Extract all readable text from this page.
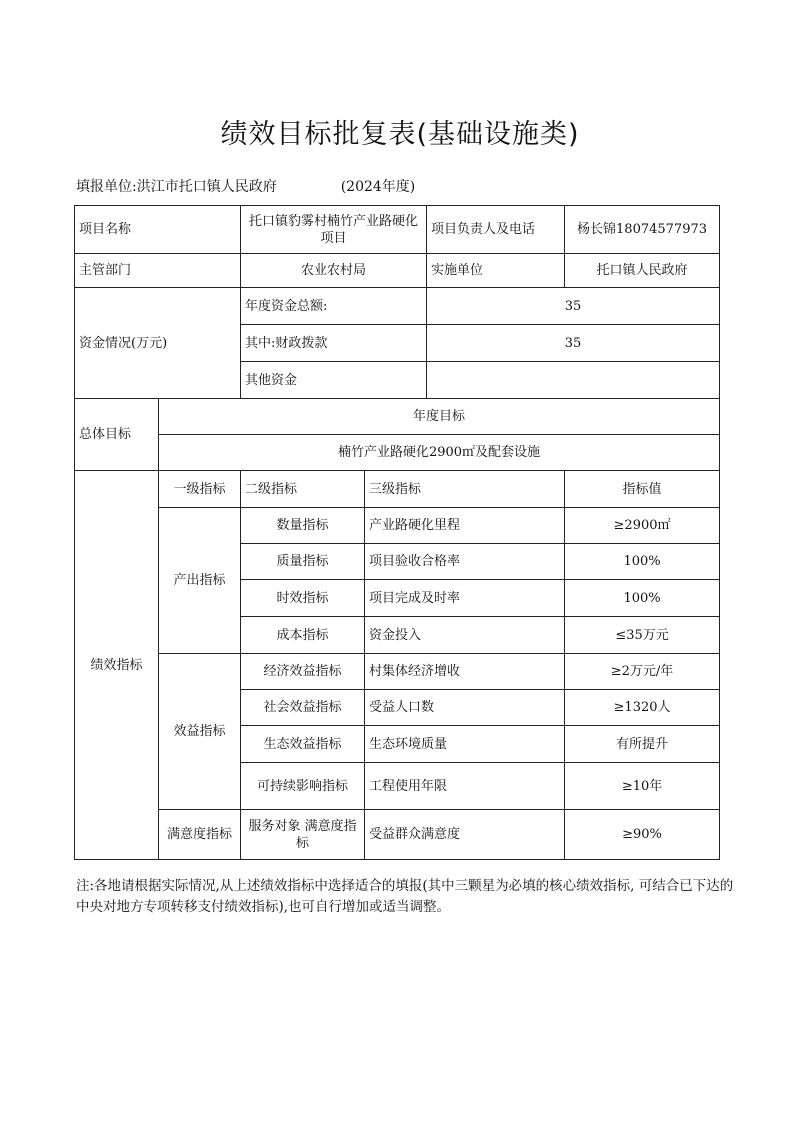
绩效目标批复表(基础设施类)
填报单位:洪江市托口镇人民政府	(2024年度)
项目名称		托口镇豹雾村楠竹产业路硬化项目		项目负责人及电话	杨长锦18074577973
主管部门		农业农村局		实施单位	托口镇人民政府
资金情况(万元)		年度资金总额:		35	
		其中:财政拨款		35	
		其他资金			
总体目标	年度目标				
	楠竹产业路硬化2900㎡及配套设施				
绩效指标	一级指标	二级指标	三级指标		指标值
	产出指标	数量指标	产业路硬化里程		≥2900㎡
		质量指标	项目验收合格率		100%
		时效指标	项目完成及时率		100%
		成本指标	资金投入		≤35万元
	效益指标	经济效益指标	村集体经济增收		≥2万元/年
		社会效益指标	受益人口数		≥1320人
		生态效益指标	生态环境质量		有所提升
		可持续影响指标	工程使用年限		≥10年
	满意度指标	服务对象 满意度指标	受益群众满意度		≥90%
注:各地请根据实际情况,从上述绩效指标中选择适合的填报(其中三颗星为必填的核心绩效指标, 可结合已下达的中央对地方专项转移支付绩效指标),也可自行增加或适当调整。
